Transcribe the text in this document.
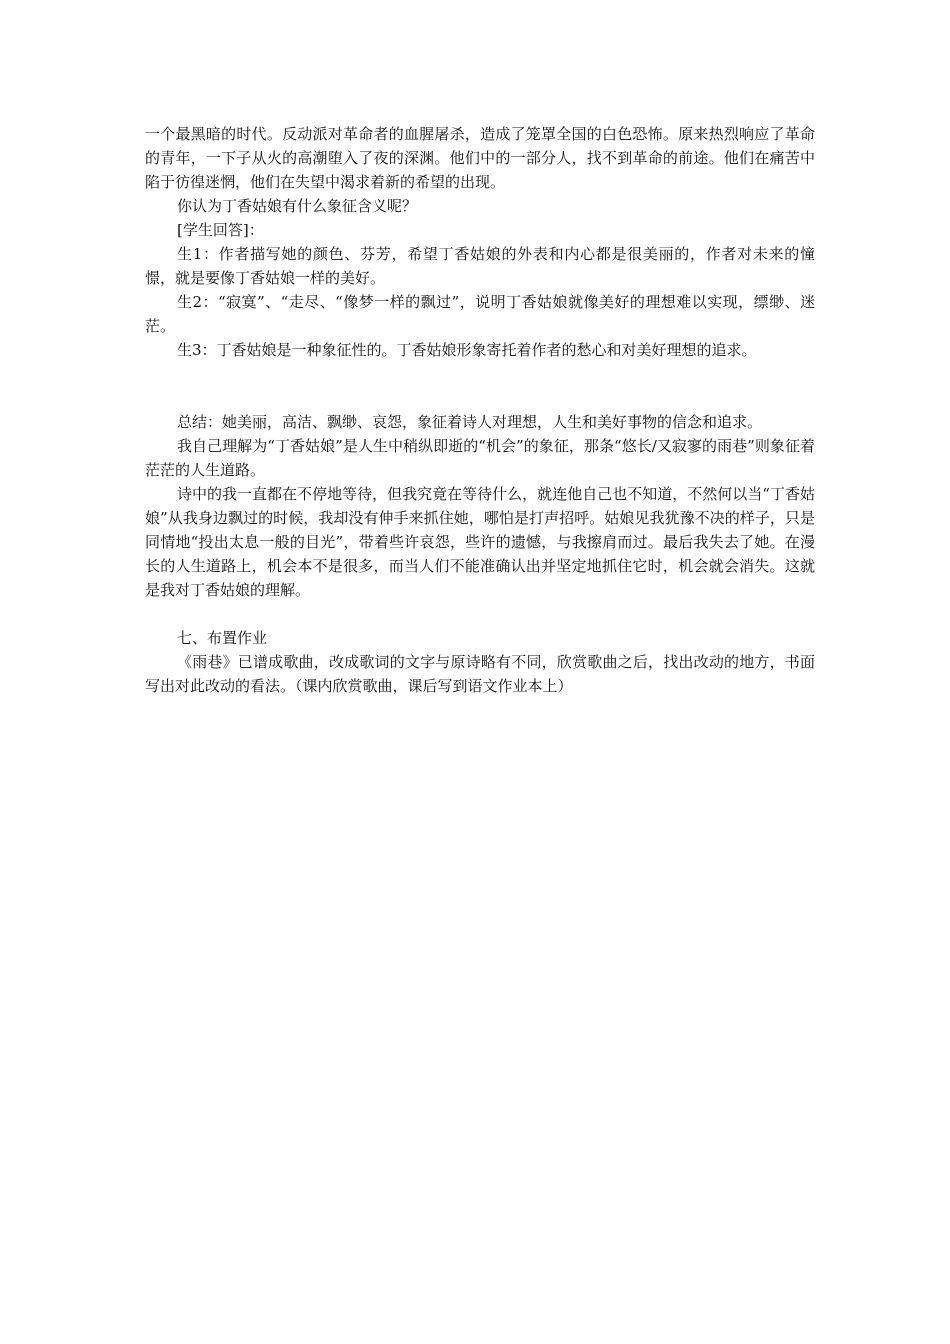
一个最黑暗的时代。反动派对革命者的血腥屠杀，造成了笼罩全国的白色恐怖。原来热烈响应了革命的青年，一下子从火的高潮堕入了夜的深渊。他们中的一部分人，找不到革命的前途。他们在痛苦中陷于彷徨迷惘，他们在失望中渴求着新的希望的出现。

你认为丁香姑娘有什么象征含义呢？

[学生回答]：

生1：作者描写她的颜色、芬芳，希望丁香姑娘的外表和内心都是很美丽的，作者对未来的憧憬，就是要像丁香姑娘一样的美好。

生2：“寂寞”、“走尽、“像梦一样的飘过”，说明丁香姑娘就像美好的理想难以实现，缥缈、迷茫。

生3：丁香姑娘是一种象征性的。丁香姑娘形象寄托着作者的愁心和对美好理想的追求。

总结：她美丽，高洁、飘缈、哀怨，象征着诗人对理想，人生和美好事物的信念和追求。

我自己理解为“丁香姑娘”是人生中稍纵即逝的“机会”的象征，那条“悠长/又寂寥的雨巷”则象征着茫茫的人生道路。

诗中的我一直都在不停地等待，但我究竟在等待什么，就连他自己也不知道，不然何以当“丁香姑娘”从我身边飘过的时候，我却没有伸手来抓住她，哪怕是打声招呼。姑娘见我犹豫不决的样子，只是同情地“投出太息一般的目光”，带着些许哀怨，些许的遗憾，与我擦肩而过。最后我失去了她。在漫长的人生道路上，机会本不是很多，而当人们不能准确认出并坚定地抓住它时，机会就会消失。这就是我对丁香姑娘的理解。

七、布置作业

《雨巷》已谱成歌曲，改成歌词的文字与原诗略有不同，欣赏歌曲之后，找出改动的地方，书面写出对此改动的看法。（课内欣赏歌曲，课后写到语文作业本上）
